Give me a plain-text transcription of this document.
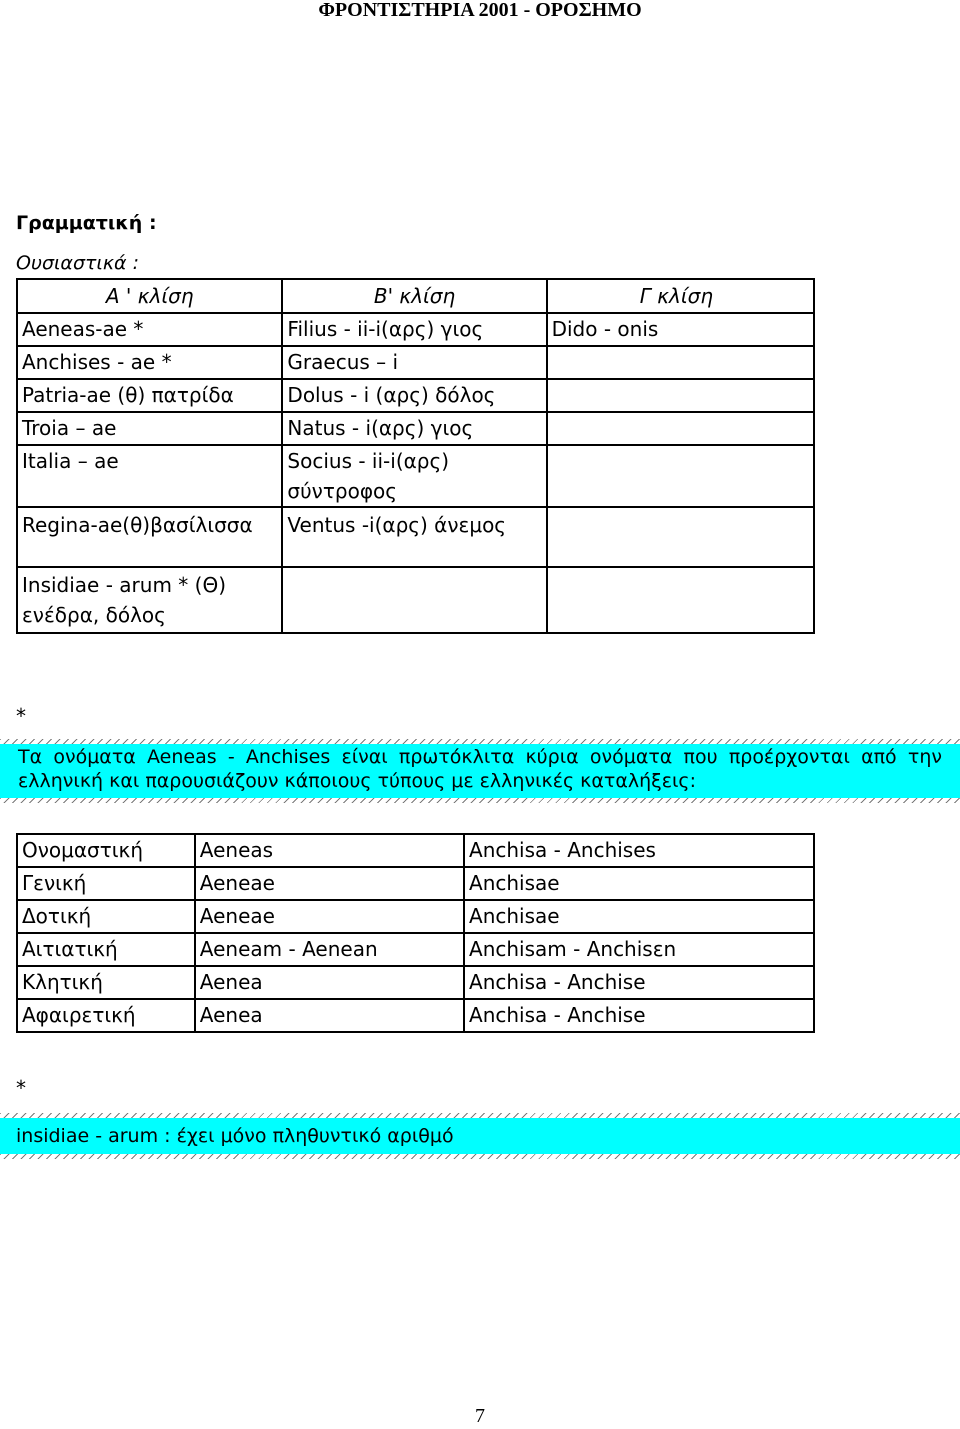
ΦΡΟΝΤΙΣΤΗΡΙΑ 2001 - ΟΡΟΣΗΜΟ
Γραμματική :
Ουσιαστικά :
Α ' κλίση	Β' κλίση	Γ κλίση
Aeneas-ae *	Filius - ii-i(αρς) γιος	Dido - onis
Anchises - ae *	Graecus – i	
Patria-ae (θ) πατρίδα	Dolus - i (αρς) δόλος	
Troia – ae	Natus - i(αρς) γιος	
Italia – ae	Socius - ii-i(αρς) σύντροφος	
Regina-ae(θ)βασίλισσα	Ventus -i(αρς) άνεμος	
Insidiae - arum * (Θ) ενέδρα, δόλος		
*
Τα ονόματα Aeneas - Anchises είναι πρωτόκλιτα κύρια ονόματα που προέρχονται από την ελληνική και παρουσιάζουν κάποιους τύπους με ελληνικές καταλήξεις:
Ονομαστική	Aeneas	Anchisa - Anchises
Γενική	Aeneae	Anchisae
Δοτική	Aeneae	Anchisae
Αιτιατική	Aeneam - Aenean	Anchisam - Anchisεn
Κλητική	Aenea	Anchisa - Anchise
Αφαιρετική	Aenea	Anchisa - Anchise
*
insidiae - arum : έχει μόνο πληθυντικό αριθμό
7
